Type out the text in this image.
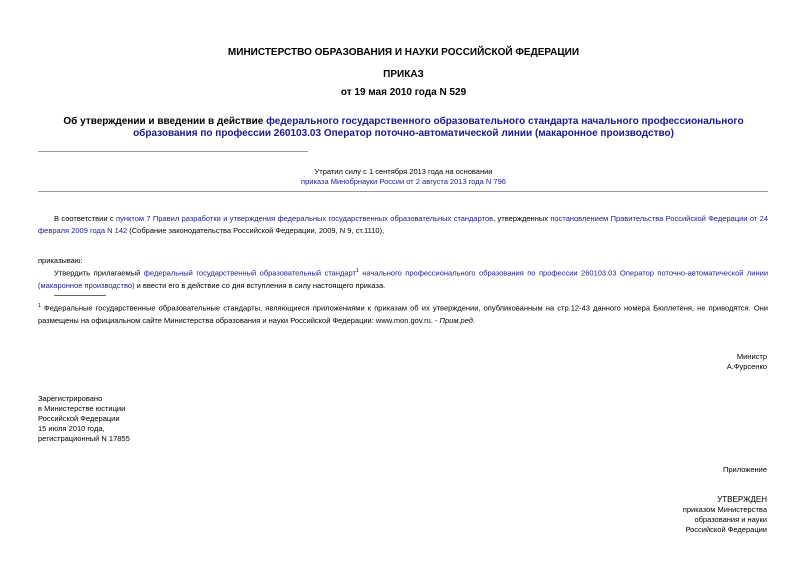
МИНИСТЕРСТВО ОБРАЗОВАНИЯ И НАУКИ РОССИЙСКОЙ ФЕДЕРАЦИИ
ПРИКАЗ
от 19 мая 2010 года N 529
Об утверждении и введении в действие федерального государственного образовательного стандарта начального профессионального образования по профессии 260103.03 Оператор поточно-автоматической линии (макаронное производство)
Утратил силу с 1 сентября 2013 года на основании
приказа Минобрнауки России от 2 августа 2013 года N 796
В соответствии с пунктом 7 Правил разработки и утверждения федеральных государственных образовательных стандартов, утвержденных постановлением Правительства Российской Федерации от 24 февраля 2009 года N 142 (Собрание законодательства Российской Федерации, 2009, N 9, ст.1110),
приказываю:
Утвердить прилагаемый федеральный государственный образовательный стандарт$^1$ начального профессионального образования по профессии 260103.03 Оператор поточно-автоматической линии (макаронное производство) и ввести его в действие со дня вступления в силу настоящего приказа.
$^1$ Федеральные государственные образовательные стандарты, являющиеся приложениями к приказам об их утверждении, опубликованным на стр.12-43 данного номера Бюллетеня, не приводятся. Они размещены на официальном сайте Министерства образования и науки Российской Федерации: www.mon.gov.ru. - Прим.ред.
Министр
А.Фурсенко
Зарегистрировано
в Министерстве юстиции
Российской Федерации
15 июля 2010 года,
регистрационный N 17855
Приложение
УТВЕРЖДЕН
приказом Министерства
образования и науки
Российской Федерации
